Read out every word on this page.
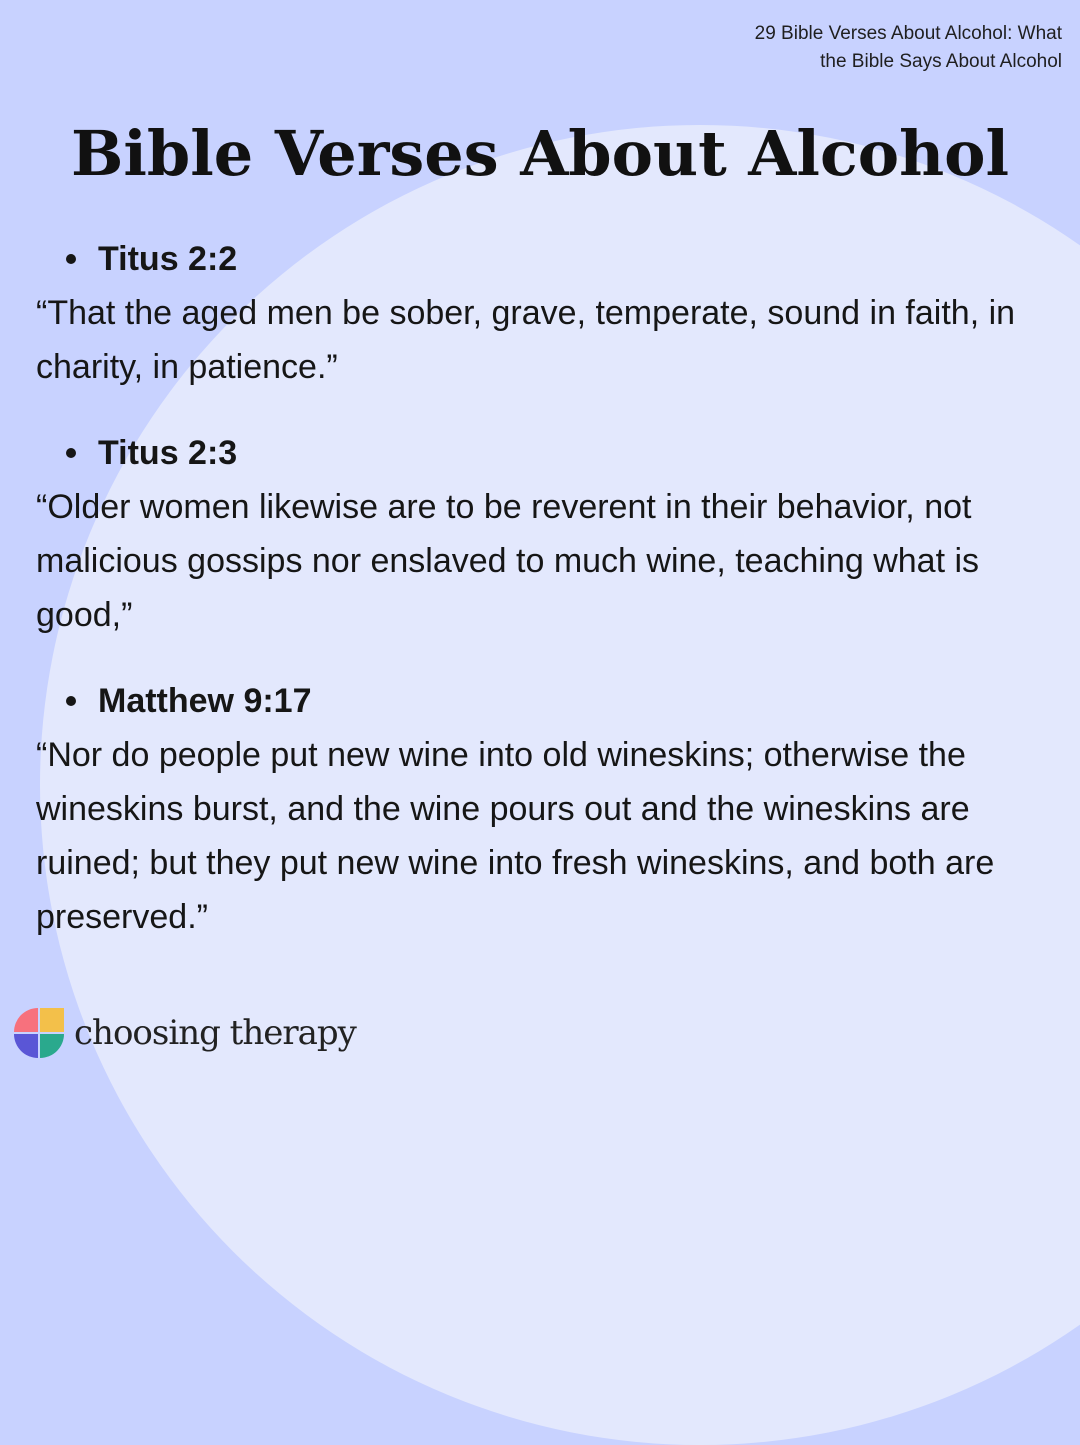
29 Bible Verses About Alcohol: What
the Bible Says About Alcohol
Bible Verses About Alcohol
Titus 2:2

“That the aged men be sober, grave, temperate, sound in faith, in charity, in patience.”

Titus 2:3

“Older women likewise are to be reverent in their behavior, not malicious gossips nor enslaved to much wine, teaching what is good,”

Matthew 9:17

“Nor do people put new wine into old wineskins; otherwise the wineskins burst, and the wine pours out and the wineskins are ruined; but they put new wine into fresh wineskins, and both are preserved.”

choosing therapy
